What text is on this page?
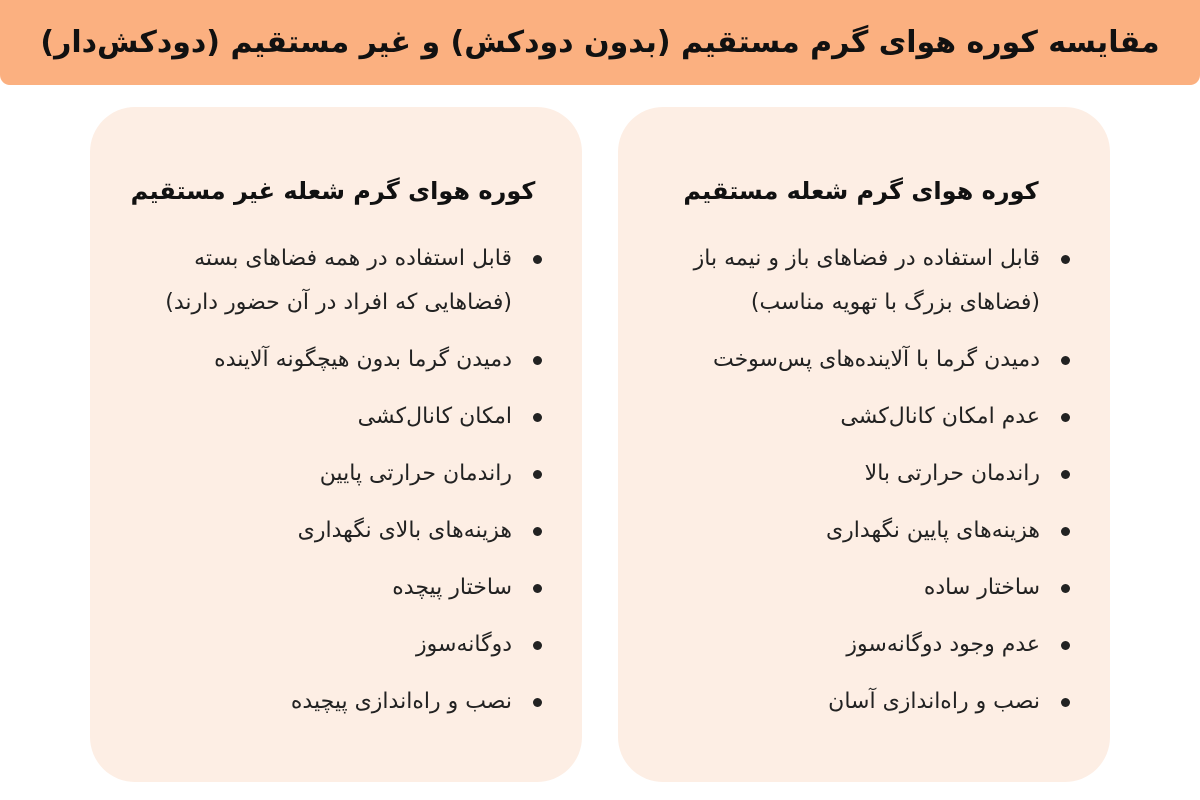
مقایسه کوره هوای گرم مستقیم (بدون دودکش) و غیر مستقیم (دودکش‌دار)
کوره هوای گرم شعله مستقیم
قابل استفاده در فضاهای باز و نیمه باز (فضاهای بزرگ با تهویه مناسب)
دمیدن گرما با آلاینده‌های پس‌سوخت
عدم امکان کانال‌کشی
راندمان حرارتی بالا
هزینه‌های پایین نگهداری
ساختار ساده
عدم وجود دوگانه‌سوز
نصب و راه‌اندازی آسان
کوره هوای گرم شعله غیر مستقیم
قابل استفاده در همه فضاهای بسته (فضاهایی که افراد در آن حضور دارند)
دمیدن گرما بدون هیچگونه آلاینده
امکان کانال‌کشی
راندمان حرارتی پایین
هزینه‌های بالای نگهداری
ساختار پیچده
دوگانه‌سوز
نصب و راه‌اندازی پیچیده
